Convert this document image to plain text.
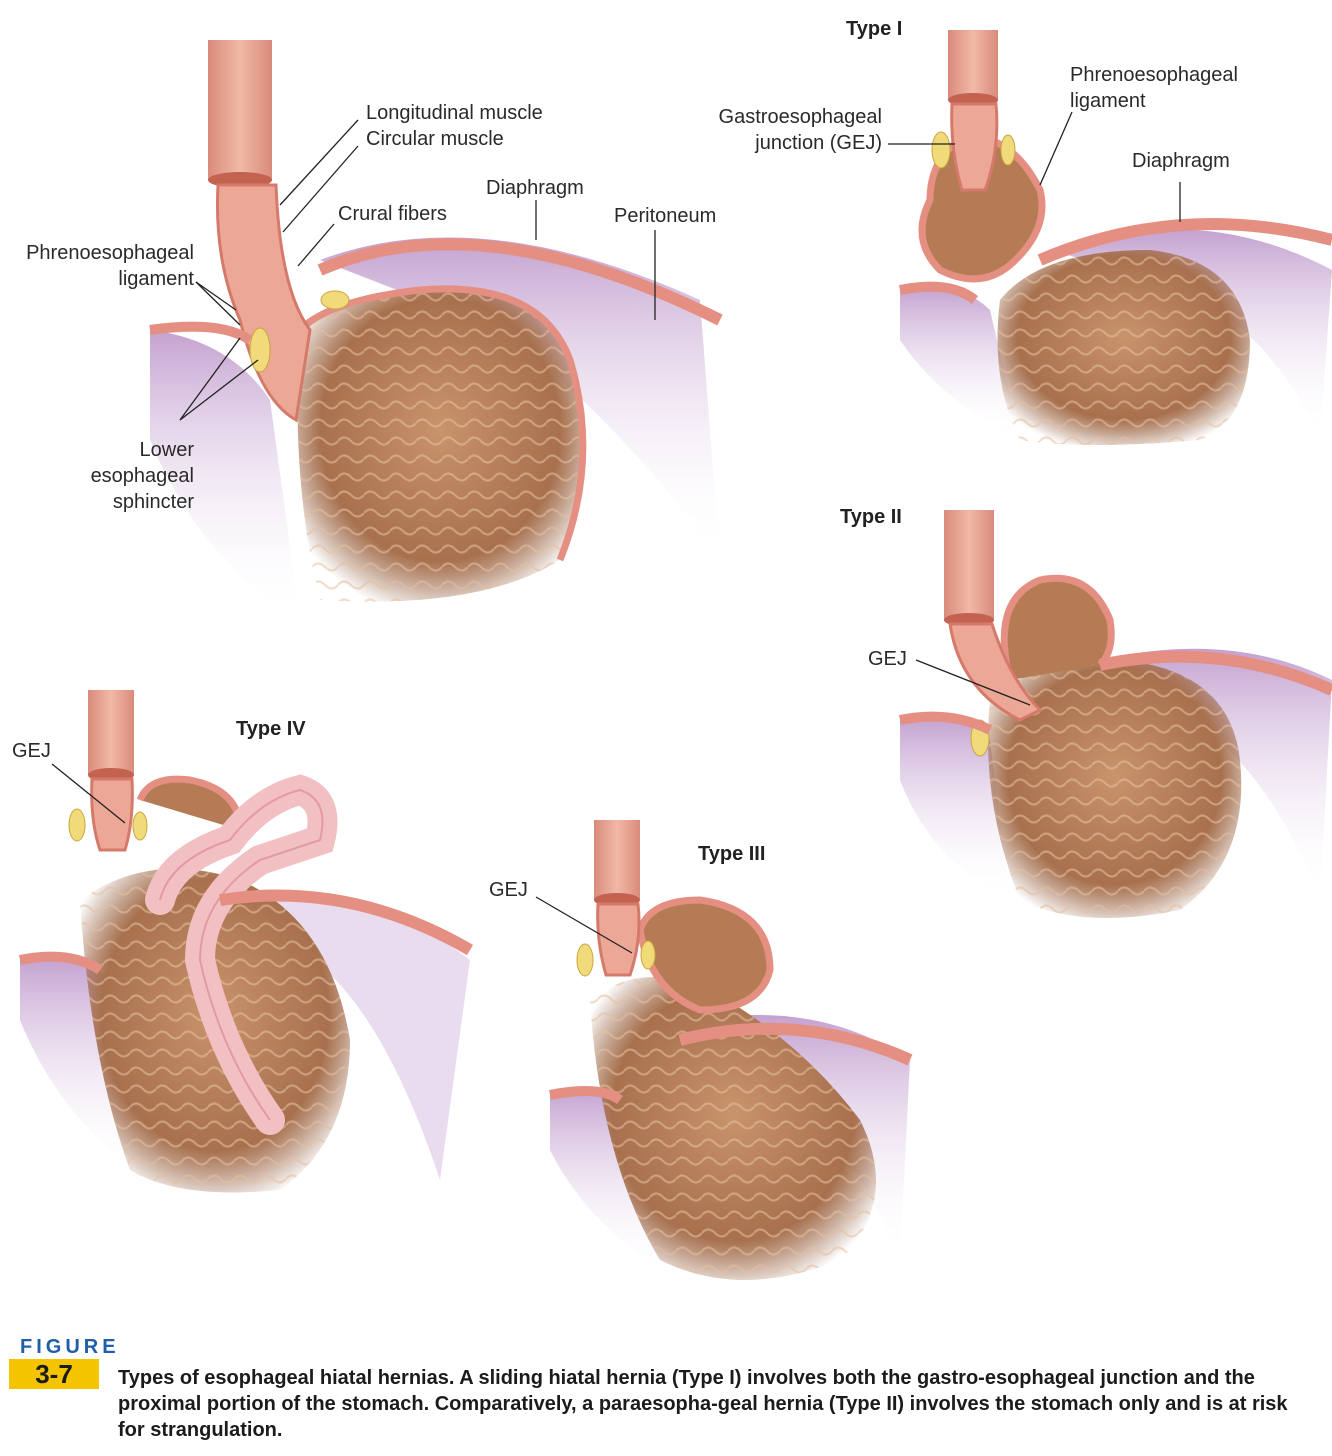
Longitudinal muscle
Circular muscle
Diaphragm
Crural fibers	Peritoneum
Phrenoesophageal
ligament
Lower
esophageal
sphincter
Type I
Gastroesophageal
junction (GEJ)
Phrenoesophageal
ligament
Diaphragm
Type II
GEJ
Type IV
GEJ
Type III
GEJ
FIGURE
3-7	Types of esophageal hiatal hernias. A sliding hiatal hernia (Type I) involves both the gastro-esophageal junction and the proximal portion of the stomach. Comparatively, a paraesopha-geal hernia (Type II) involves the stomach only and is at risk for strangulation.
